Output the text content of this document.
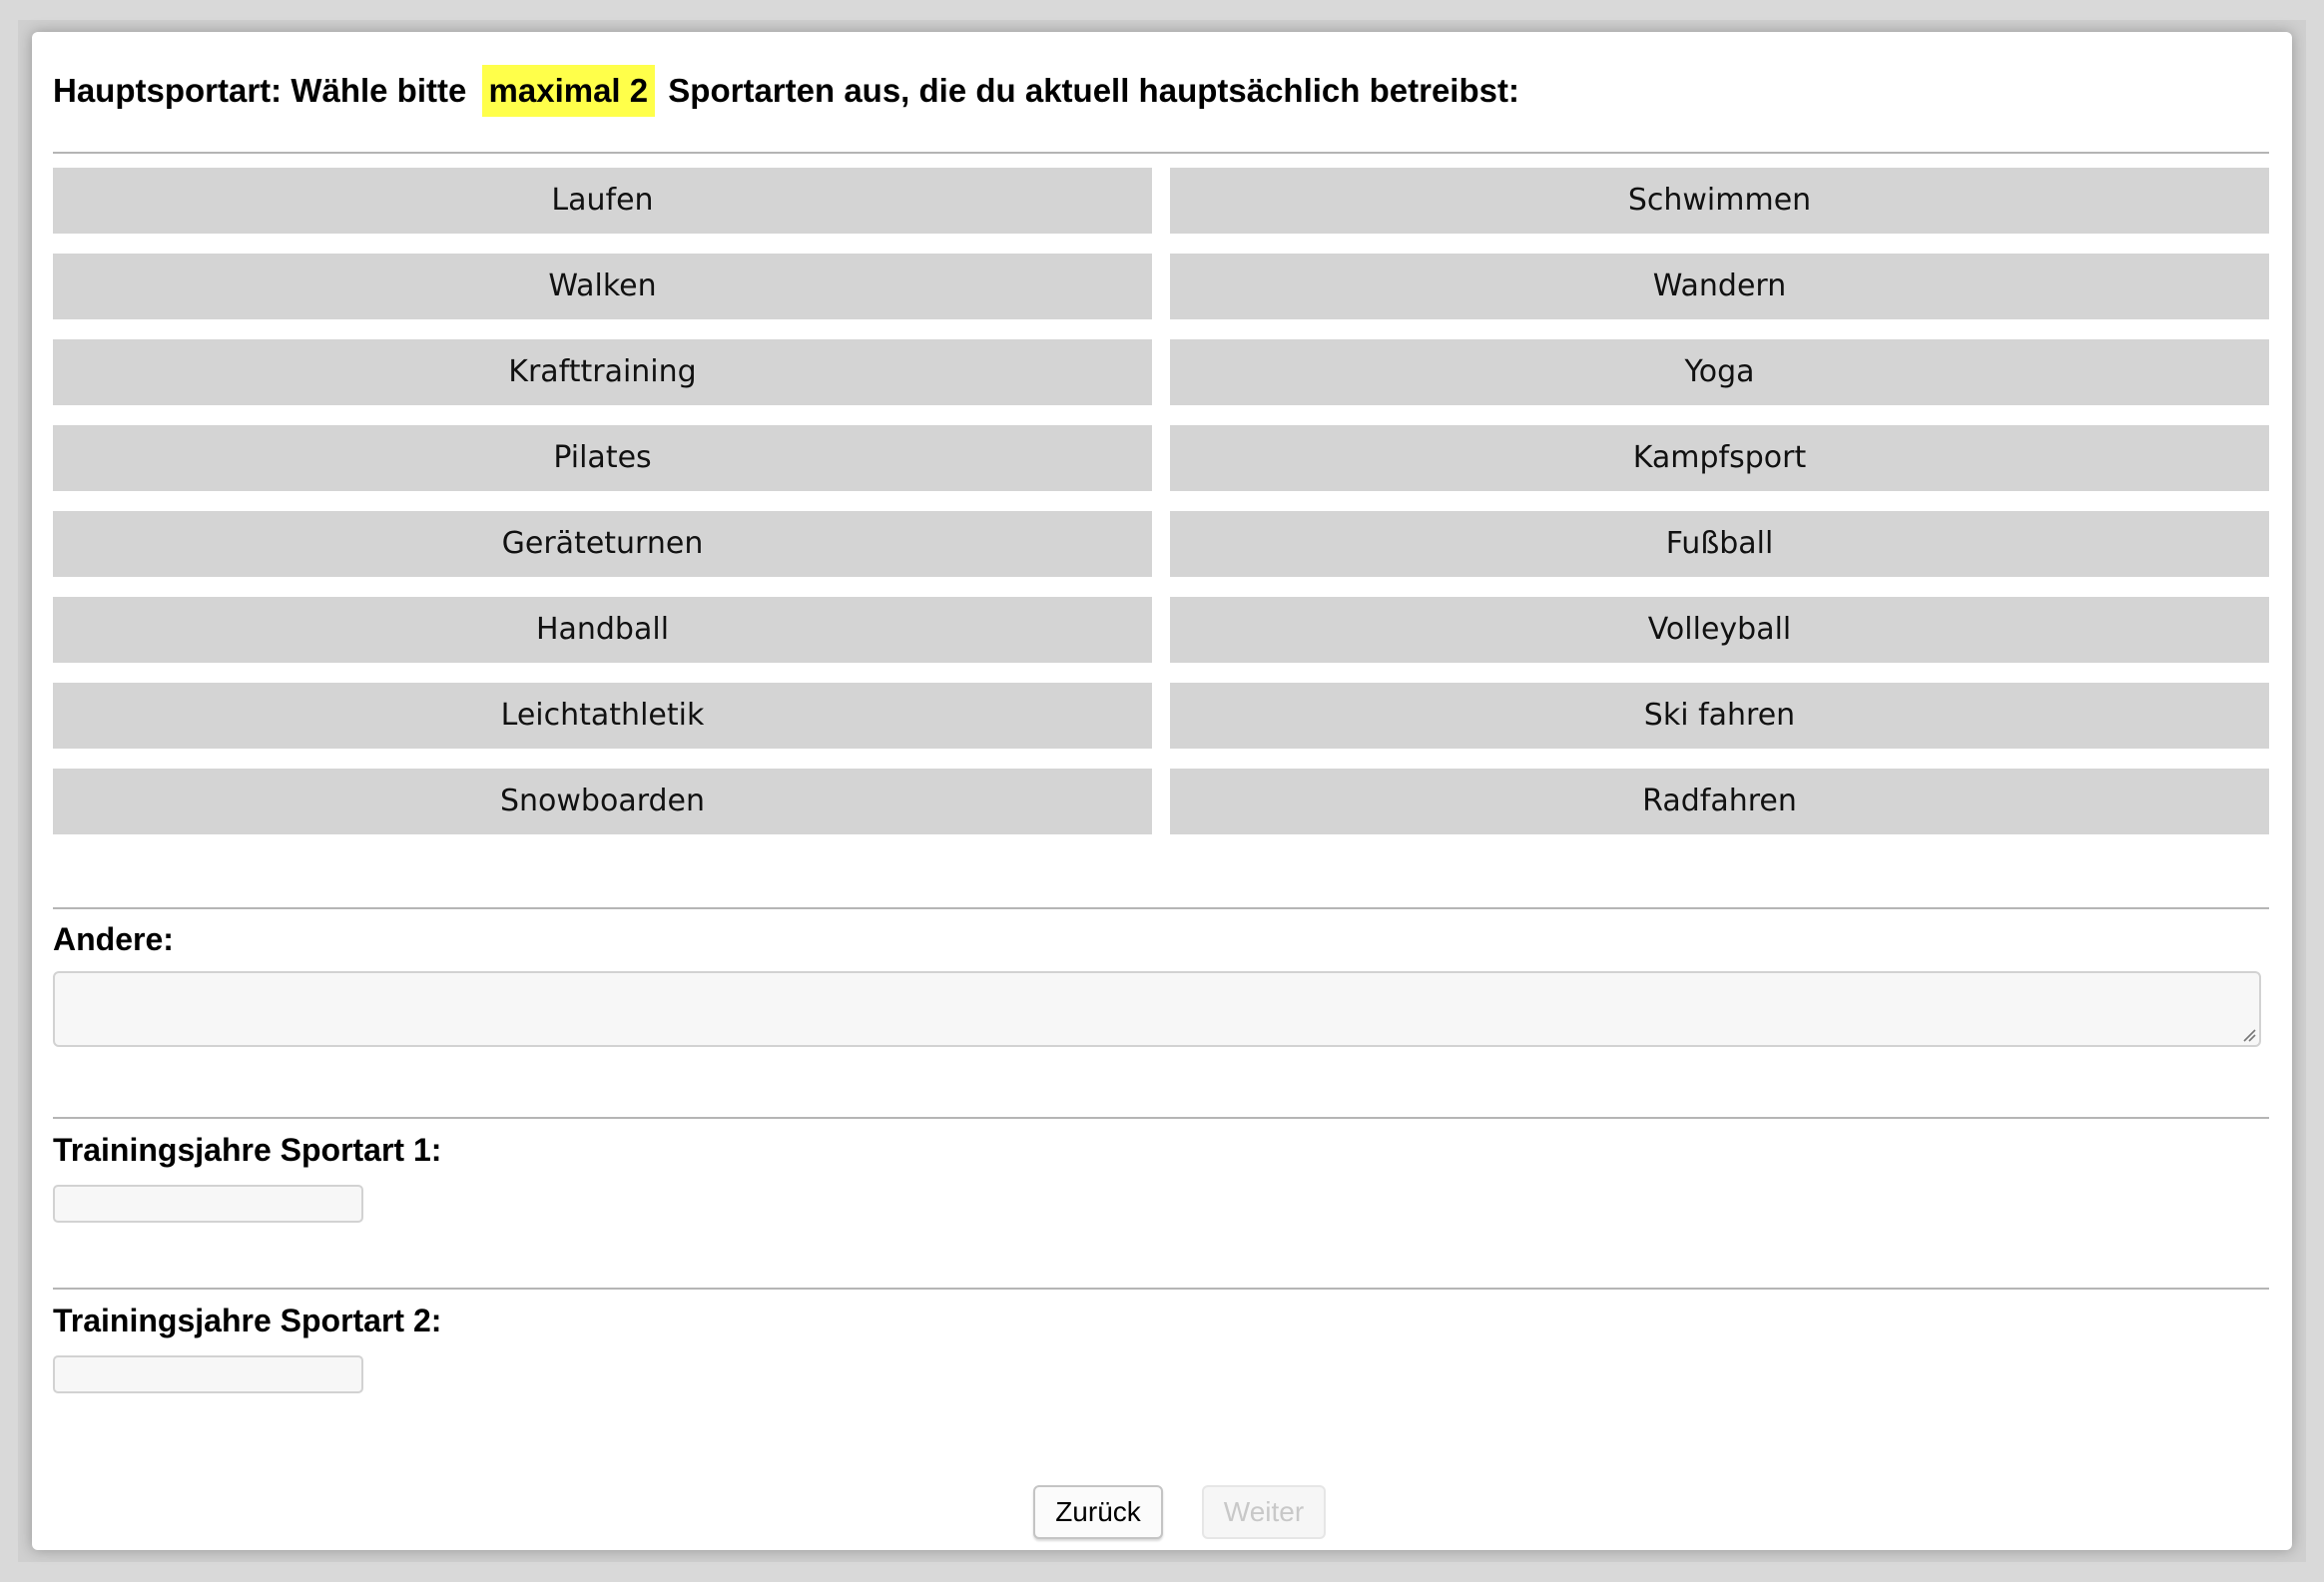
Hauptsportart: Wähle bitte maximal 2 Sportarten aus, die du aktuell hauptsächlich betreibst:
Laufen	Schwimmen
Walken	Wandern
Krafttraining	Yoga
Pilates	Kampfsport
Geräteturnen	Fußball
Handball	Volleyball
Leichtathletik	Ski fahren
Snowboarden	Radfahren
Andere:
Trainingsjahre Sportart 1:
Trainingsjahre Sportart 2:
Zurück	Weiter
